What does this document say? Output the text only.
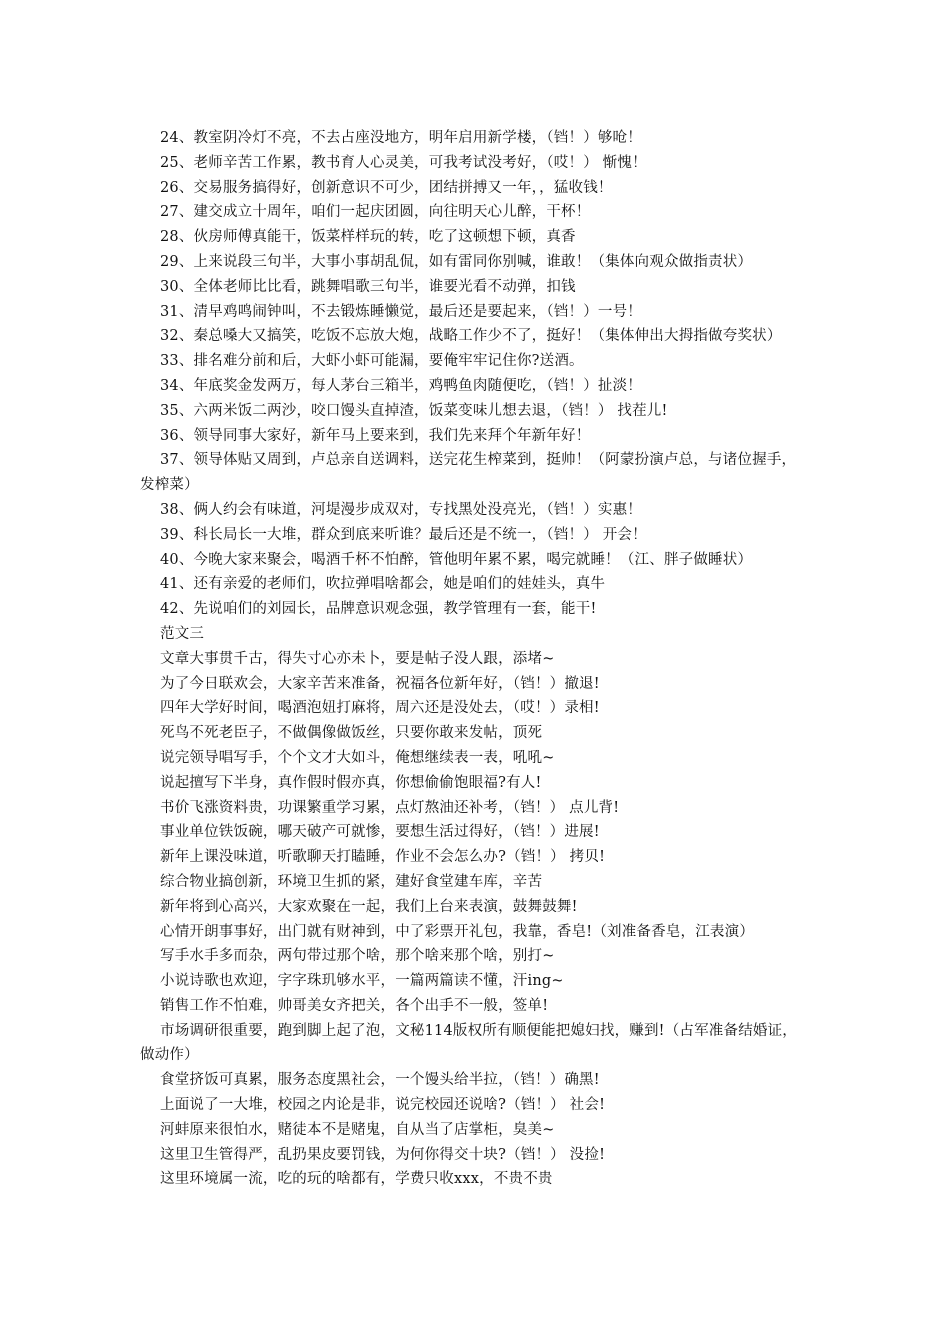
24、教室阴冷灯不亮，不去占座没地方，明年启用新学楼，（铛！）够呛！

25、老师辛苦工作累，教书育人心灵美，可我考试没考好，（哎！） 惭愧！

26、交易服务搞得好，创新意识不可少，团结拼搏又一年，，猛收钱！

27、建交成立十周年，咱们一起庆团圆，向往明天心儿醉，干杯！

28、伙房师傅真能干，饭菜样样玩的转，吃了这顿想下顿，真香

29、上来说段三句半，大事小事胡乱侃，如有雷同你别喊，谁敢！（集体向观众做指责状）

30、全体老师比比看，跳舞唱歌三句半，谁要光看不动弹，扣钱

31、清早鸡鸣闹钟叫，不去锻炼睡懒觉，最后还是要起来，（铛！）一号！

32、秦总嗓大又搞笑，吃饭不忘放大炮，战略工作少不了，挺好！（集体伸出大拇指做夸奖状）

33、排名难分前和后，大虾小虾可能漏，要俺牢牢记住你?送酒。

34、年底奖金发两万，每人茅台三箱半，鸡鸭鱼肉随便吃，（铛！）扯淡！

35、六两米饭二两沙，咬口馒头直掉渣，饭菜变味儿想去退，（铛！） 找茬儿!

36、领导同事大家好，新年马上要来到，我们先来拜个年新年好！

37、领导体贴又周到，卢总亲自送调料，送完花生榨菜到，挺帅！（阿蒙扮演卢总，与诸位握手，发榨菜）

38、俩人约会有味道，河堤漫步成双对，专找黑处没亮光，（铛！）实惠！

39、科长局长一大堆，群众到底来听谁？最后还是不统一，（铛！） 开会！

40、今晚大家来聚会，喝酒千杯不怕醉，管他明年累不累，喝完就睡！（江、胖子做睡状）

41、还有亲爱的老师们，吹拉弹唱啥都会，她是咱们的娃娃头，真牛

42、先说咱们的刘园长，品牌意识观念强，教学管理有一套，能干!

范文三

文章大事贯千古，得失寸心亦未卜，要是帖子没人跟，添堵~

为了今日联欢会，大家辛苦来准备，祝福各位新年好，（铛！）撤退!

四年大学好时间，喝酒泡妞打麻将，周六还是没处去，（哎！）录相!

死鸟不死老臣子，不做偶像做饭丝，只要你敢来发帖，顶死

说完领导唱写手，个个文才大如斗，俺想继续表一表，吼吼~

说起擅写下半身，真作假时假亦真，你想偷偷饱眼福?有人!

书价飞涨资料贵，功课繁重学习累，点灯熬油还补考，（铛！） 点儿背!

事业单位铁饭碗，哪天破产可就惨，要想生活过得好，（铛！）进展!

新年上课没味道，听歌聊天打瞌睡，作业不会怎么办?（铛！） 拷贝!

综合物业搞创新，环境卫生抓的紧，建好食堂建车库，辛苦

新年将到心高兴，大家欢聚在一起，我们上台来表演，鼓舞鼓舞!

心情开朗事事好，出门就有财神到，中了彩票开礼包，我靠，香皂!（刘准备香皂，江表演）

写手水手多而杂，两句带过那个啥，那个啥来那个啥，别打~

小说诗歌也欢迎，字字珠玑够水平，一篇两篇读不懂，汗ing~

销售工作不怕难，帅哥美女齐把关，各个出手不一般，签单!

市场调研很重要，跑到脚上起了泡，文秘114版权所有顺便能把媳妇找，赚到!（占军准备结婚证，做动作）

食堂挤饭可真累，服务态度黑社会，一个馒头给半拉，（铛！）确黑!

上面说了一大堆，校园之内论是非，说完校园还说啥?（铛！） 社会!

河蚌原来很怕水，赌徒本不是赌鬼，自从当了店掌柜，臭美~

这里卫生管得严，乱扔果皮要罚钱，为何你得交十块?（铛！） 没捡!

这里环境属一流，吃的玩的啥都有，学费只收xxx，不贵不贵
